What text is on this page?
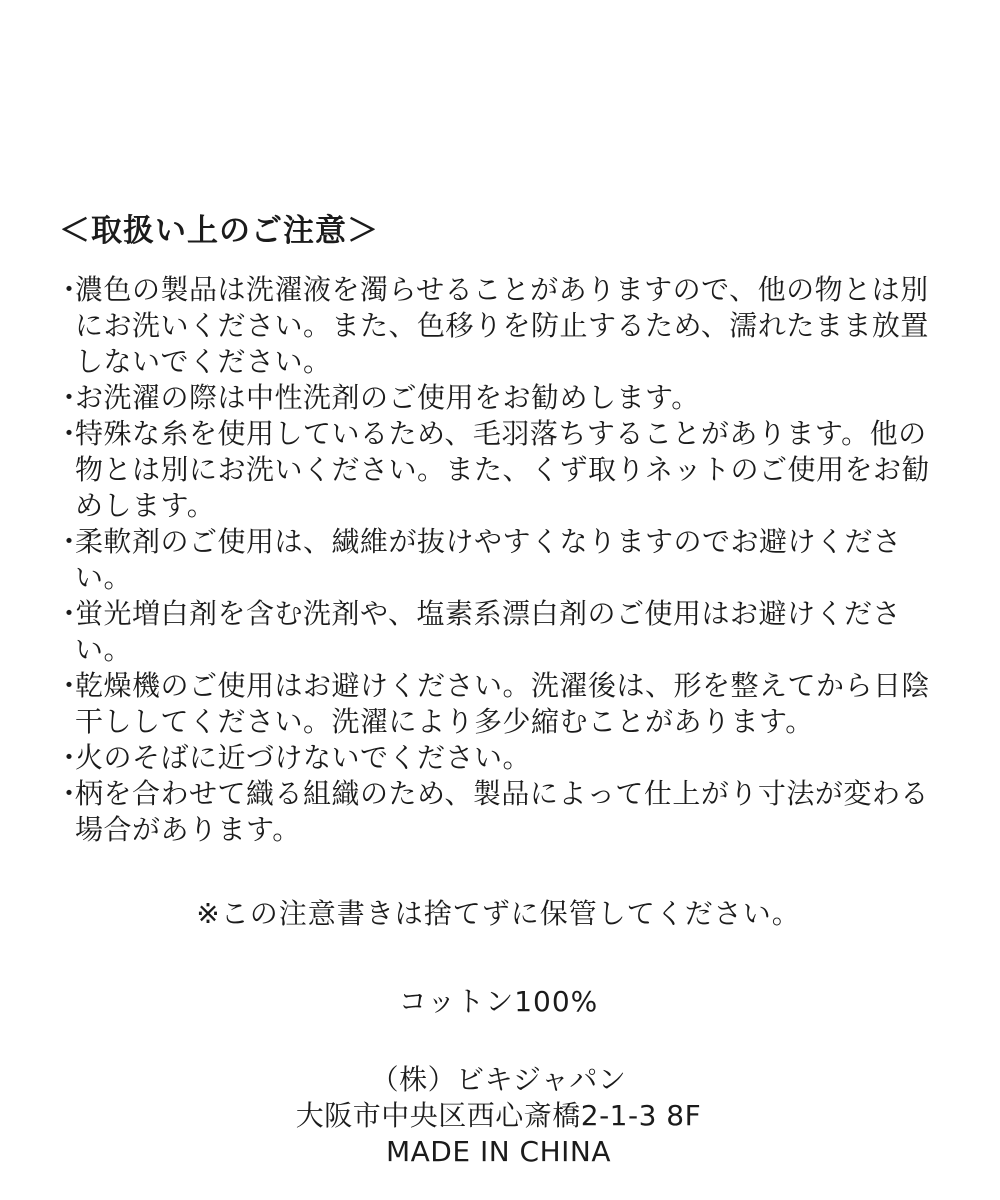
＜取扱い上のご注意＞
・
濃色の製品は洗濯液を濁らせることがありますので、他の物とは別にお洗いください。また、色移りを防止するため、濡れたまま放置しないでください。
・
お洗濯の際は中性洗剤のご使用をお勧めします。
・
特殊な糸を使用しているため、毛羽落ちすることがあります。他の物とは別にお洗いください。また、くず取りネットのご使用をお勧めします。
・
柔軟剤のご使用は、繊維が抜けやすくなりますのでお避けください。
・
蛍光増白剤を含む洗剤や、塩素系漂白剤のご使用はお避けください。
・
乾燥機のご使用はお避けください。洗濯後は、形を整えてから日陰干ししてください。洗濯により多少縮むことがあります。
・
火のそばに近づけないでください。
・
柄を合わせて織る組織のため、製品によって仕上がり寸法が変わる場合があります。

※この注意書きは捨てずに保管してください。

コットン100%

（株）ビキジャパン

大阪市中央区西心斎橋2-1-3 8F

MADE IN CHINA
